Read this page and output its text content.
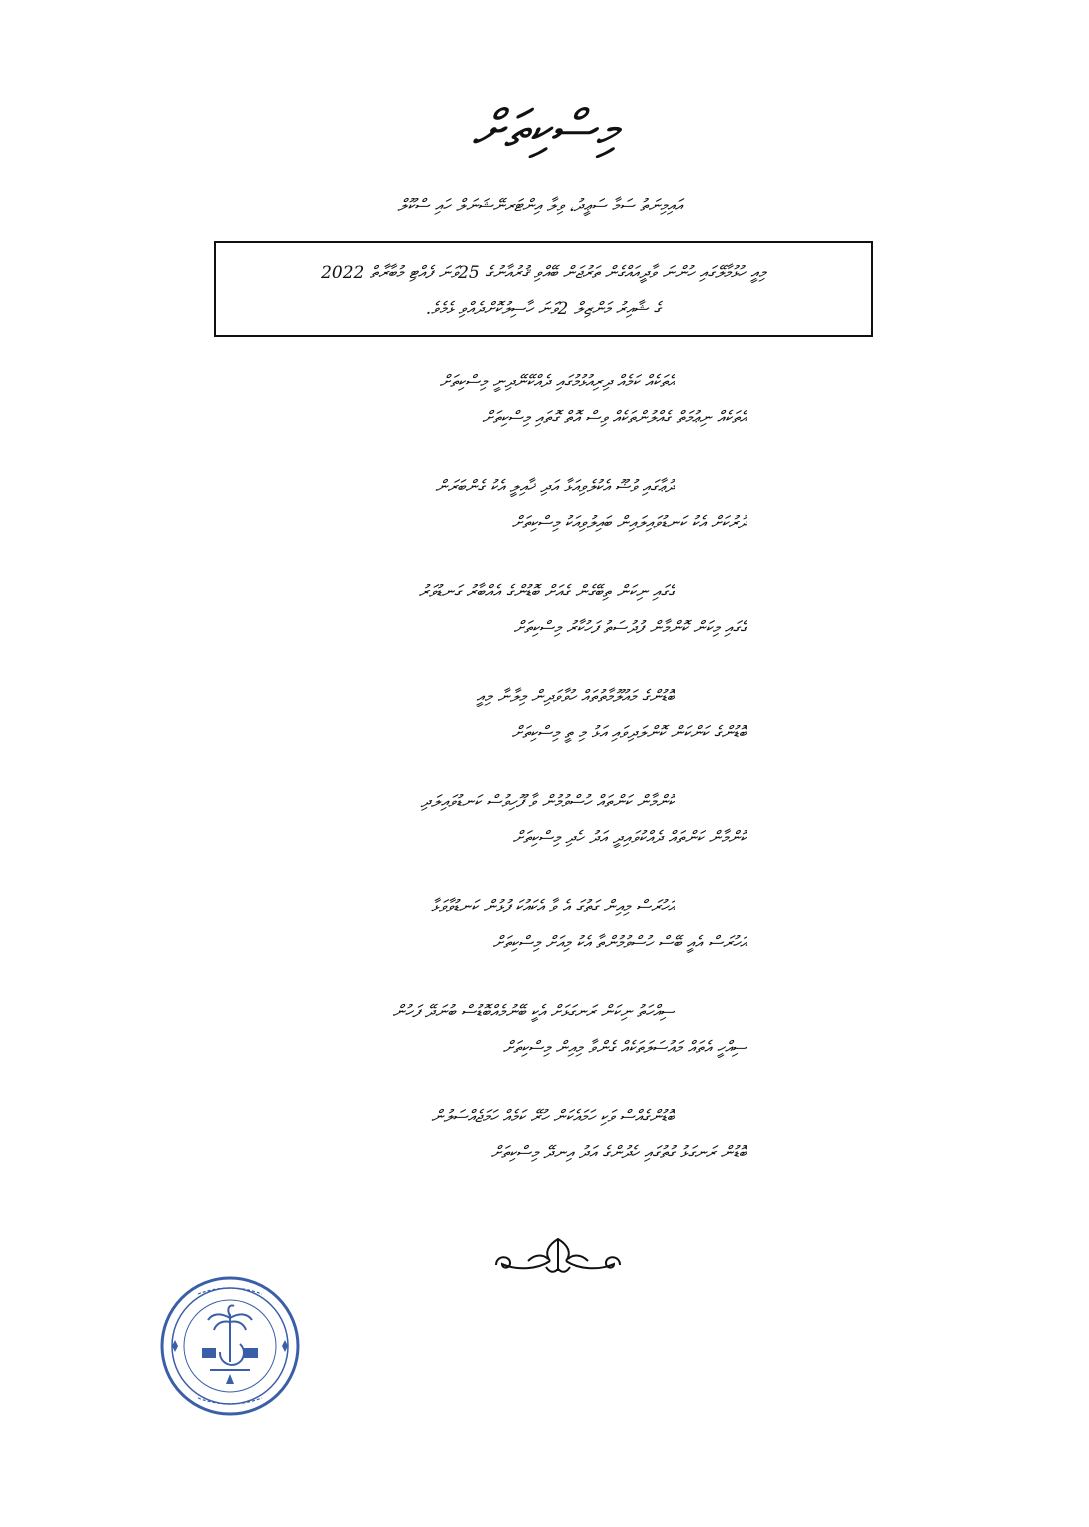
މިސްކިތަށް
އައިމިނަތު ސަމާ ސަޢީދު، ވިލާ އިންޓަރނޭޝަނަލް ހައި ސްކޫލް
މިއީ ހުޅުމާލޭގައި ހުންނަ ވާދީއައްގެން ތަރުޖަން ބޭއްވި ޤުރުއާނުގެ 25ވަނަ ފެއްޓި މުބާރާތް 2022
ގެ ޝާއިރު މަންޒިލް 2ވަނަ ހާސިލުކޮށްދެއްވި ޅެމެވެ.
އެތަކެއް ކަމެއް ދިރިއުޅުމުގައި ދެއްކޭނޭދިނީ މިސްކިތަށް
އެތަކެއް ނިޢުމަތް ގެއްލުންތަކެއް ވިސް އޮތް ގޮތައި މިސްކިތަށް
ދުޢާގައި ވުޟޫ އެކުލެވިއަޅާ އަދި ޚާއިލީ އެކު ގެންބަރަން
ދުރުކަށް އެކު ކަނޑުވައިލައިން ބައިލުވިއަކު މިސްކިތަށް
ގޭގައި ނިކަން ތިބޭގެން ގެއަށް ބޮޑުންގެ އެއްބާރު ގަނޑުވަރު
ގޭގައި މިކަން ކޮންމާން ފުދުސަތު ފަހުކާރު މިސްކިތަށް
ބޮޑުންގެ މައުލޫމާތުތައް ހުވާވަދިން މިލާނާ މިއީ
ބޮޑުންގެ ކަންކަން ކޮންލަދިވައި އަޅު މި ތީ މިސްކިތަށް
ކޮންމާން ކަންތައް ހުސްވުމުން ވާ ފޫހިވުސް ކަނޑުވައިލަދި
ކޮންމާން ކަންތައް ދެއްކުވައިދީ އަދު ހެދި މިސްކިތަށް
އަހުރަސް މިއިން ގަތުގަ އެ ވާ އެކައުކަ ފުޅުން ކަނޑުވާވަޅާ
އަހުރަސް އެއީ ބޭސް ހުސްވުމުންތާ އެކު މިއަށް މިސްކިތަށް
ސިއްހަތު ނިކަން ރަނގަޅަށް އެކީ ބޭނުމެއްބޮޑުސް ބުނަދޭ ފަހުން
ސިއްހީ އެތައް މައުސަލަތަކެއް ގެންވާ މިއިން މިސްކިތަށް
ބޮޑުންގެއްސް ވަކި ހަމައެކަން ހުރޭ ކަމެއް ހަމަޖެއްސަލުން
ބޮޑުން ރަނގަޅު ގުތުގައި ހެދުންގެ އަދު އިނދޭ މިސްކިތަށް
